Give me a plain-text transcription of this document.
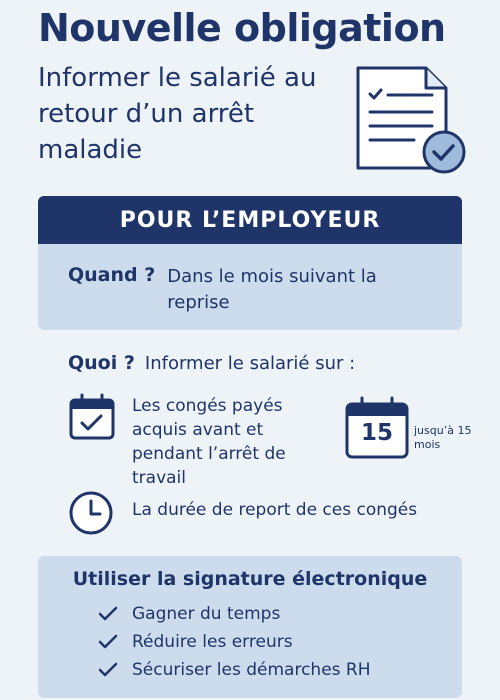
Nouvelle obligation
Informer le salarié au retour d’un arrêt maladie
POUR L’EMPLOYEUR
Quand ? Dans le mois suivant la reprise
Quoi ? Informer le salarié sur :
Les congés payés acquis avant et pendant l’arrêt de travail
15	jusqu’à 15 mois
La durée de report de ces congés
Utiliser la signature électronique
Gagner du temps
Réduire les erreurs
Sécuriser les démarches RH
